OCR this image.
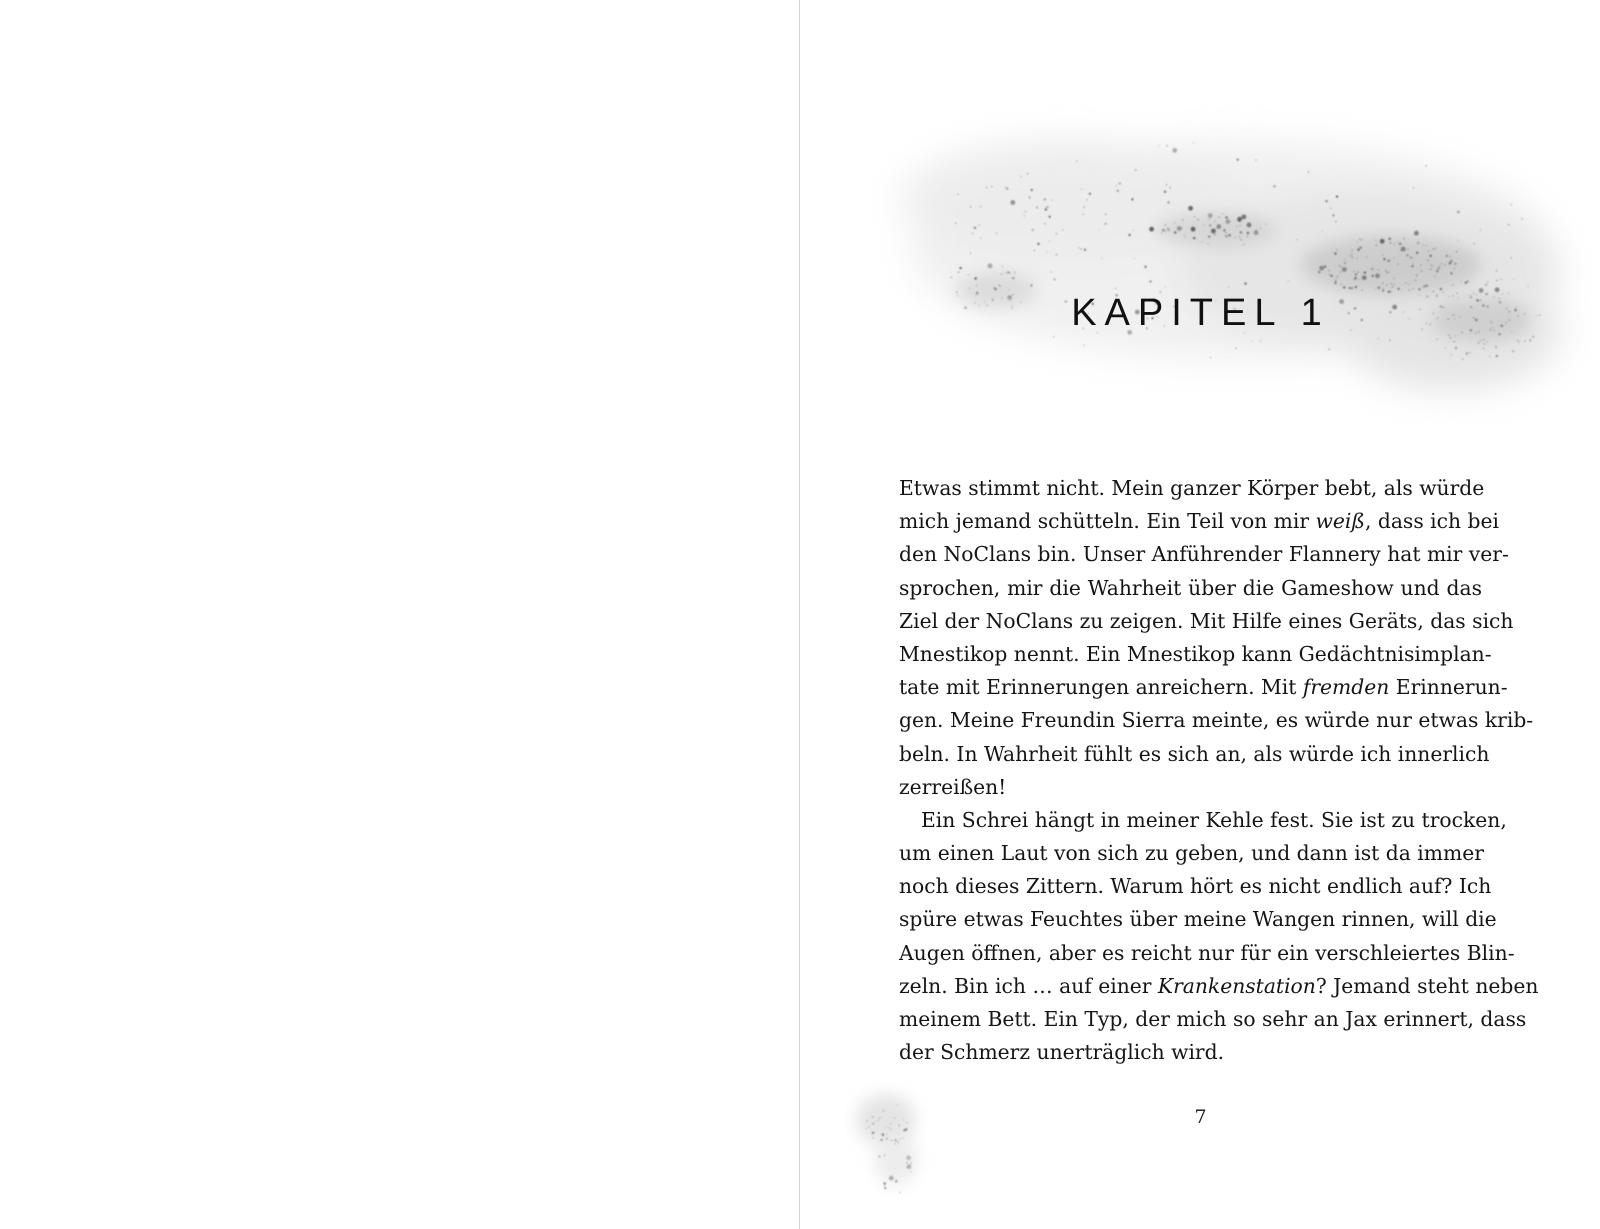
KAPITEL 1
Etwas stimmt nicht. Mein ganzer Körper bebt, als würde
mich jemand schütteln. Ein Teil von mir weiß, dass ich bei
den NoClans bin. Unser Anführender Flannery hat mir ver-
sprochen, mir die Wahrheit über die Gameshow und das
Ziel der NoClans zu zeigen. Mit Hilfe eines Geräts, das sich
Mnestikop nennt. Ein Mnestikop kann Gedächtnisimplan-
tate mit Erinnerungen anreichern. Mit fremden Erinnerun-
gen. Meine Freundin Sierra meinte, es würde nur etwas krib-
beln. In Wahrheit fühlt es sich an, als würde ich innerlich
zerreißen!
Ein Schrei hängt in meiner Kehle fest. Sie ist zu trocken,
um einen Laut von sich zu geben, und dann ist da immer
noch dieses Zittern. Warum hört es nicht endlich auf? Ich
spüre etwas Feuchtes über meine Wangen rinnen, will die
Augen öffnen, aber es reicht nur für ein verschleiertes Blin-
zeln. Bin ich … auf einer Krankenstation? Jemand steht neben
meinem Bett. Ein Typ, der mich so sehr an Jax erinnert, dass
der Schmerz unerträglich wird.
7
